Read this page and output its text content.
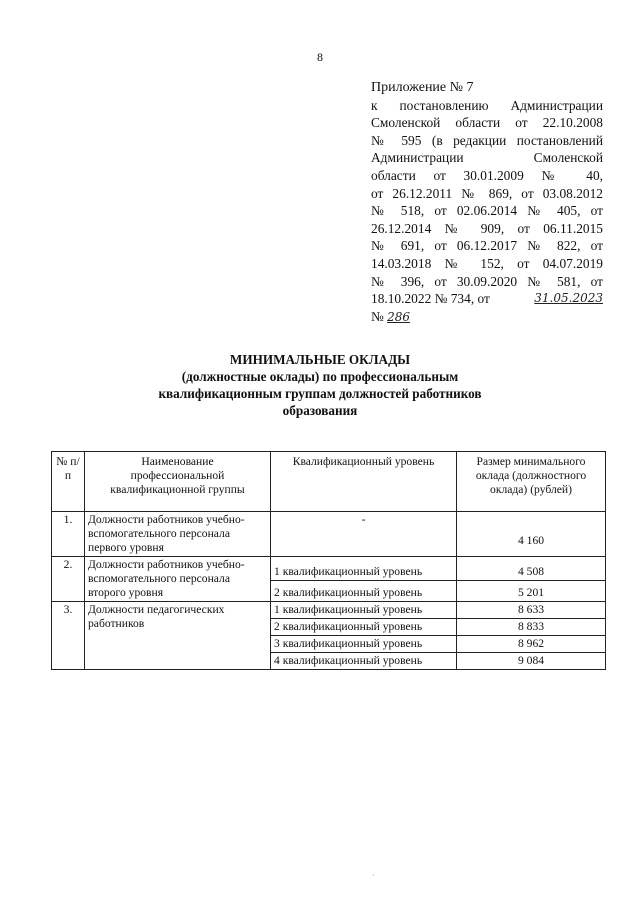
8
Приложение № 7
к постановлению Администрации
Смоленской области от 22.10.2008
№ 595 (в редакции постановлений
Администрации Смоленской
области от 30.01.2009 № 40,
от 26.12.2011 № 869, от 03.08.2012
№ 518, от 02.06.2014 № 405, от
26.12.2014 № 909, от 06.11.2015
№ 691, от 06.12.2017 № 822, от
14.03.2018 № 152, от 04.07.2019
№ 396, от 30.09.2020 № 581, от
18.10.2022 № 734, от	31.05.2023
№ 286
МИНИМАЛЬНЫЕ ОКЛАДЫ
(должностные оклады) по профессиональным
квалификационным группам должностей работников
образования
№ п/п	Наименование профессиональной квалификационной группы	Квалификационный уровень	Размер минимального оклада (должностного оклада) (рублей)
1.	Должности работников учебно-вспомогательного персонала первого уровня	-	4 160
2.	Должности работников учебно-вспомогательного персонала второго уровня	1 квалификационный уровень	4 508
		2 квалификационный уровень	5 201
3.	Должности педагогических работников	1 квалификационный уровень	8 633
		2 квалификационный уровень	8 833
		3 квалификационный уровень	8 962
		4 квалификационный уровень	9 084
·
